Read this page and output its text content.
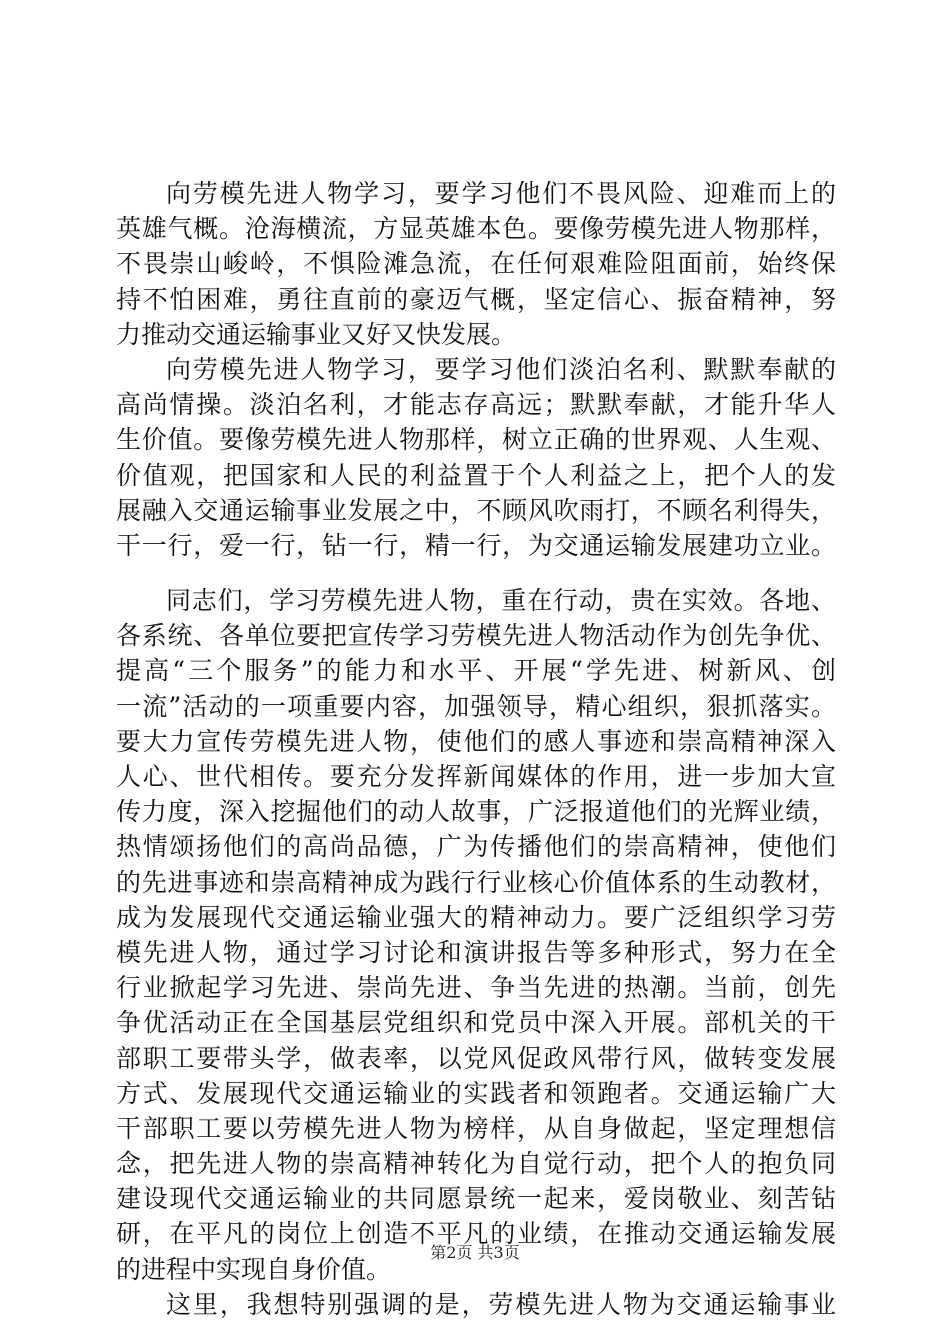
向劳模先进人物学习，要学习他们不畏风险、迎难而上的
英雄气概。沧海横流，方显英雄本色。要像劳模先进人物那样，
不畏崇山峻岭，不惧险滩急流，在任何艰难险阻面前，始终保
持不怕困难，勇往直前的豪迈气概，坚定信心、振奋精神，努
力推动交通运输事业又好又快发展。
向劳模先进人物学习，要学习他们淡泊名利、默默奉献的
高尚情操。淡泊名利，才能志存高远；默默奉献，才能升华人
生价值。要像劳模先进人物那样，树立正确的世界观、人生观、
价值观，把国家和人民的利益置于个人利益之上，把个人的发
展融入交通运输事业发展之中，不顾风吹雨打，不顾名利得失，
干一行，爱一行，钻一行，精一行，为交通运输发展建功立业。
同志们，学习劳模先进人物，重在行动，贵在实效。各地、
各系统、各单位要把宣传学习劳模先进人物活动作为创先争优、
提高“三个服务”的能力和水平、开展“学先进、树新风、创
一流”活动的一项重要内容，加强领导，精心组织，狠抓落实。
要大力宣传劳模先进人物，使他们的感人事迹和崇高精神深入
人心、世代相传。要充分发挥新闻媒体的作用，进一步加大宣
传力度，深入挖掘他们的动人故事，广泛报道他们的光辉业绩，
热情颂扬他们的高尚品德，广为传播他们的崇高精神，使他们
的先进事迹和崇高精神成为践行行业核心价值体系的生动教材，
成为发展现代交通运输业强大的精神动力。要广泛组织学习劳
模先进人物，通过学习讨论和演讲报告等多种形式，努力在全
行业掀起学习先进、崇尚先进、争当先进的热潮。当前，创先
争优活动正在全国基层党组织和党员中深入开展。部机关的干
部职工要带头学，做表率，以党风促政风带行风，做转变发展
方式、发展现代交通运输业的实践者和领跑者。交通运输广大
干部职工要以劳模先进人物为榜样，从自身做起，坚定理想信
念，把先进人物的崇高精神转化为自觉行动，把个人的抱负同
建设现代交通运输业的共同愿景统一起来，爱岗敬业、刻苦钻
研，在平凡的岗位上创造不平凡的业绩，在推动交通运输发展
的进程中实现自身价值。
这里，我想特别强调的是，劳模先进人物为交通运输事业
第2页 共3页
